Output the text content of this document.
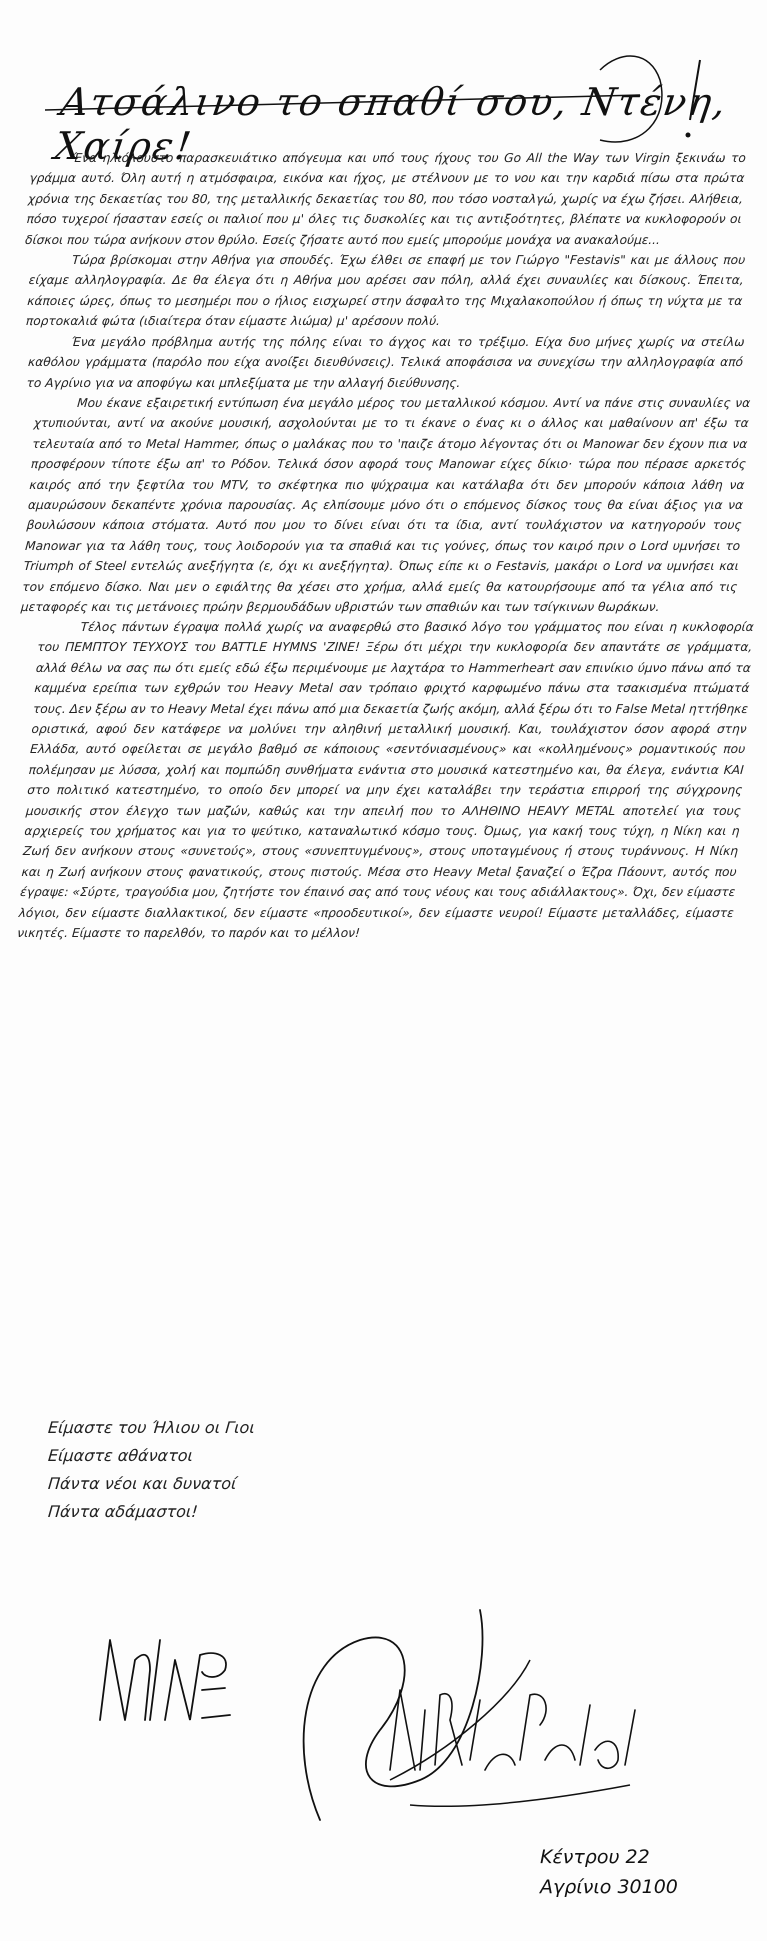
Ατσάλινο το σπαθί σου, Ντένη, Χαίρε!

Ένα ηλιόλουστο παρασκευιάτικο απόγευμα και υπό τους ήχους του Go All the Way των Virgin ξεκινάω το γράμμα αυτό. Όλη αυτή η ατμόσφαιρα, εικόνα και ήχος, με στέλνουν με το νου και την καρδιά πίσω στα πρώτα χρόνια της δεκαετίας του 80, της μεταλλικής δεκαετίας του 80, που τόσο νοσταλγώ, χωρίς να έχω ζήσει. Αλήθεια, πόσο τυχεροί ήσασταν εσείς οι παλιοί που μ' όλες τις δυσκολίες και τις αντιξοότητες, βλέπατε να κυκλοφορούν οι δίσκοι που τώρα ανήκουν στον θρύλο. Εσείς ζήσατε αυτό που εμείς μπορούμε μονάχα να ανακαλούμε...

Τώρα βρίσκομαι στην Αθήνα για σπουδές. Έχω έλθει σε επαφή με τον Γιώργο "Festavis" και με άλλους που είχαμε αλληλογραφία. Δε θα έλεγα ότι η Αθήνα μου αρέσει σαν πόλη, αλλά έχει συναυλίες και δίσκους. Έπειτα, κάποιες ώρες, όπως το μεσημέρι που ο ήλιος εισχωρεί στην άσφαλτο της Μιχαλακοπούλου ή όπως τη νύχτα με τα πορτοκαλιά φώτα (ιδιαίτερα όταν είμαστε λιώμα) μ' αρέσουν πολύ.

Ένα μεγάλο πρόβλημα αυτής της πόλης είναι το άγχος και το τρέξιμο. Είχα δυο μήνες χωρίς να στείλω καθόλου γράμματα (παρόλο που είχα ανοίξει διευθύνσεις). Τελικά αποφάσισα να συνεχίσω την αλληλογραφία από το Αγρίνιο για να αποφύγω και μπλεξίματα με την αλλαγή διεύθυνσης.

Μου έκανε εξαιρετική εντύπωση ένα μεγάλο μέρος του μεταλλικού κόσμου. Αντί να πάνε στις συναυλίες να χτυπιούνται, αντί να ακούνε μουσική, ασχολούνται με το τι έκανε ο ένας κι ο άλλος και μαθαίνουν απ' έξω τα τελευταία από το Metal Hammer, όπως ο μαλάκας που το 'παιζε άτομο λέγοντας ότι οι Manowar δεν έχουν πια να προσφέρουν τίποτε έξω απ' το Ρόδον. Τελικά όσον αφορά τους Manowar είχες δίκιο· τώρα που πέρασε αρκετός καιρός από την ξεφτίλα του MTV, το σκέφτηκα πιο ψύχραιμα και κατάλαβα ότι δεν μπορούν κάποια λάθη να αμαυρώσουν δεκαπέντε χρόνια παρουσίας. Ας ελπίσουμε μόνο ότι ο επόμενος δίσκος τους θα είναι άξιος για να βουλώσουν κάποια στόματα. Αυτό που μου το δίνει είναι ότι τα ίδια, αντί τουλάχιστον να κατηγορούν τους Manowar για τα λάθη τους, τους λοιδορούν για τα σπαθιά και τις γούνες, όπως τον καιρό πριν ο Lord υμνήσει το Triumph of Steel εντελώς ανεξήγητα (ε, όχι κι ανεξήγητα). Όπως είπε κι ο Festavis, μακάρι ο Lord να υμνήσει και τον επόμενο δίσκο. Ναι μεν ο εφιάλτης θα χέσει στο χρήμα, αλλά εμείς θα κατουρήσουμε από τα γέλια από τις μεταφορές και τις μετάνοιες πρώην βερμουδάδων υβριστών των σπαθιών και των τσίγκινων θωράκων.

Τέλος πάντων έγραψα πολλά χωρίς να αναφερθώ στο βασικό λόγο του γράμματος που είναι η κυκλοφορία του ΠΕΜΠΤΟΥ ΤΕΥΧΟΥΣ του BATTLE HYMNS 'ZINE! Ξέρω ότι μέχρι την κυκλοφορία δεν απαντάτε σε γράμματα, αλλά θέλω να σας πω ότι εμείς εδώ έξω περιμένουμε με λαχτάρα το Hammerheart σαν επινίκιο ύμνο πάνω από τα καμμένα ερείπια των εχθρών του Heavy Metal σαν τρόπαιο φριχτό καρφωμένο πάνω στα τσακισμένα πτώματά τους. Δεν ξέρω αν το Heavy Metal έχει πάνω από μια δεκαετία ζωής ακόμη, αλλά ξέρω ότι το False Metal ηττήθηκε οριστικά, αφού δεν κατάφερε να μολύνει την αληθινή μεταλλική μουσική. Και, τουλάχιστον όσον αφορά στην Ελλάδα, αυτό οφείλεται σε μεγάλο βαθμό σε κάποιους «σεντόνιασμένους» και «κολλημένους» ρομαντικούς που πολέμησαν με λύσσα, χολή και πομπώδη συνθήματα ενάντια στο μουσικά κατεστημένο και, θα έλεγα, ενάντια ΚΑΙ στο πολιτικό κατεστημένο, το οποίο δεν μπορεί να μην έχει καταλάβει την τεράστια επιρροή της σύγχρονης μουσικής στον έλεγχο των μαζών, καθώς και την απειλή που το ΑΛΗΘΙΝΟ HEAVY METAL αποτελεί για τους αρχιερείς του χρήματος και για το ψεύτικο, καταναλωτικό κόσμο τους. Όμως, για κακή τους τύχη, η Νίκη και η Ζωή δεν ανήκουν στους «συνετούς», στους «συνεπτυγμένους», στους υποταγμένους ή στους τυράννους. Η Νίκη και η Ζωή ανήκουν στους φανατικούς, στους πιστούς. Μέσα στο Heavy Metal ξαναζεί ο Έζρα Πάουντ, αυτός που έγραψε: «Σύρτε, τραγούδια μου, ζητήστε τον έπαινό σας από τους νέους και τους αδιάλλακτους». Όχι, δεν είμαστε λόγιοι, δεν είμαστε διαλλακτικοί, δεν είμαστε «προοδευτικοί», δεν είμαστε νευροί! Είμαστε μεταλλάδες, είμαστε νικητές. Είμαστε το παρελθόν, το παρόν και το μέλλον!

Είμαστε του Ήλιου οι Γιοι
Είμαστε αθάνατοι
Πάντα νέοι και δυνατοί
Πάντα αδάμαστοι!
Κέντρου 22
Αγρίνιο 30100
